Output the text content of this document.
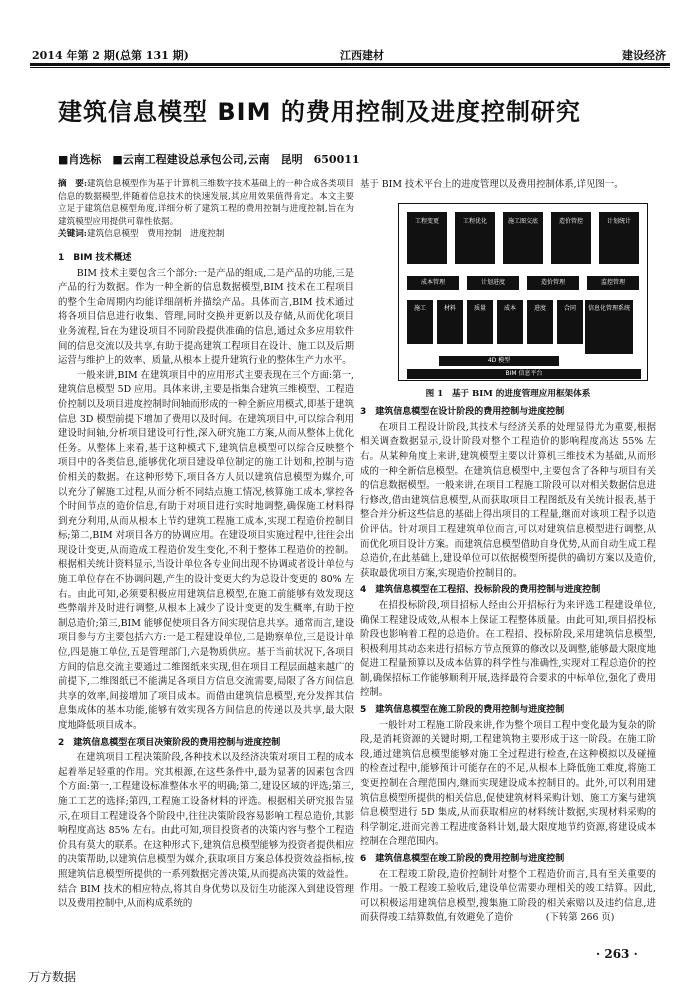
2014 年第 2 期(总第 131 期)	江西建材	建设经济
建筑信息模型 BIM 的费用控制及进度控制研究
■肖选标　■云南工程建设总承包公司,云南　昆明　650011
摘　要:建筑信息模型作为基于计算机三维数字技术基础上的一种合成各类项目信息的数据模型,伴随着信息技术的快速发展,其应用效果值得肯定。本文主要立足于建筑信息模型角度,详细分析了建筑工程的费用控制与进度控制,旨在为建筑模型应用提供可靠性依据。
关键词:建筑信息模型　费用控制　进度控制
1　BIM 技术概述

BIM 技术主要包含三个部分:一是产品的组成,二是产品的功能,三是产品的行为数据。作为一种全新的信息数据模型,BIM 技术在工程项目的整个生命周期内均能详细剖析并描绘产品。具体而言,BIM 技术通过将各项目信息进行收集、管理,同时交换并更新以及存储,从而优化项目业务流程,旨在为建设项目不同阶段提供准确的信息,通过众多应用软件间的信息交流以及共享,有助于提高建筑工程项目在设计、施工以及后期运营与维护上的效率、质量,从根本上提升建筑行业的整体生产力水平。

一般来讲,BIM 在建筑项目中的应用形式主要表现在三个方面:第一,建筑信息模型 5D 应用。具体来讲,主要是指集合建筑三维模型、工程造价控制以及项目进度控制时间轴而形成的一种全新应用模式,即基于建筑信息 3D 模型前提下增加了费用以及时间。在建筑项目中,可以综合利用建设时间轴,分析项目建设可行性,深入研究施工方案,从而从整体上优化任务。从整体上来看,基于这种模式下,建筑信息模型可以综合反映整个项目中的各类信息,能够优化项目建设单位制定的施工计划和,控制与造价相关的数据。在这种形势下,项目各方人员以建筑信息模型为媒介,可以充分了解施工过程,从而分析不同结点施工情况,核算施工成本,掌控各个时间节点的造价信息,有助于对项目进行实时地调整,确保施工材料得到充分利用,从而从根本上节约建筑工程施工成本,实现工程造价控制目标;第二,BIM 对项目各方的协调应用。在建设项目实施过程中,往往会出现设计变更,从而造成工程造价发生变化,不利于整体工程造价的控制。根据相关统计资料显示,当设计单位各专业间出现不协调或者设计单位与施工单位存在不协调问题,产生的设计变更大约为总设计变更的 80% 左右。由此可知,必须要积极应用建筑信息模型,在施工前能够有效发现这些弊端并及时进行调整,从根本上减少了设计变更的发生概率,有助于控制总造价;第三,BIM 能够促使项目各方间实现信息共享。通常而言,建设项目参与方主要包括六方:一是工程建设单位,二是勘察单位,三是设计单位,四是施工单位,五是管理部门,六是物质供应。基于当前状况下,各项目方间的信息交流主要通过二维图纸来实现,但在项目工程层面越来越广的前提下,二维图纸已不能满足各项目方信息交流需要,局限了各方间信息共享的效率,间接增加了项目成本。而借由建筑信息模型,充分发挥其信息集成体的基本功能,能够有效实现各方间信息的传递以及共享,最大限度地降低项目成本。

2　建筑信息模型在项目决策阶段的费用控制与进度控制

在建筑项目工程决策阶段,各种技术以及经济决策对项目工程的成本起着举足轻重的作用。究其根源,在这些条件中,最为显著的因素包含四个方面:第一,工程建设标准整体水平的明确;第二,建设区域的评选;第三,施工工艺的选择;第四,工程施工设备材料的评选。根据相关研究报告显示,在项目工程建设各个阶段中,往往决策阶段容易影响工程总造价,其影响程度高达 85% 左右。由此可知,项目投资者的决策内容与整个工程造价具有莫大的联系。在这种形式下,建筑信息模型能够为投资者提供相应的决策帮助,以建筑信息模型为媒介,获取项目方案总体投资效益指标,按照建筑信息模型所提供的一系列数据完善决策,从而提高决策的效益性。结合 BIM 技术的相应特点,将其自身优势以及衍生功能深入到建设管理以及费用控制中,从而构成系统的

基于 BIM 技术平台上的进度管理以及费用控制体系,详见图一。

工程变更	工程优化	施工图交底	造价管控	计划统计
成本管理	计划进度	造价管理	监控管理
施工	材料	质量	成本	进度	合同	信息化管理系统
4D 模型
BIM 信息平台
图 1　基于 BIM 的进度管理应用框架体系
3　建筑信息模型在设计阶段的费用控制与进度控制

在项目工程设计阶段,其技术与经济关系的处理显得尤为重要,根据相关调查数据显示,设计阶段对整个工程造价的影响程度高达 55% 左右。从某种角度上来讲,建筑模型主要以计算机三维技术为基础,从而形成的一种全新信息模型。在建筑信息模型中,主要包含了各种与项目有关的信息数据模型。一般来讲,在项目工程施工阶段可以对相关数据信息进行修改,借由建筑信息模型,从而获取项目工程图纸及有关统计报表,基于整合并分析这些信息的基础上得出项目的工程量,继而对该项工程予以造价评估。针对项目工程建筑单位而言,可以对建筑信息模型进行调整,从而优化项目设计方案。而建筑信息模型借助自身优势,从而自动生成工程总造价,在此基础上,建设单位可以依据模型所提供的确切方案以及造价,获取最优项目方案,实现造价控制目的。

4　建筑信息模型在工程招、投标阶段的费用控制与进度控制

在招投标阶段,项目招标人经由公开招标行为来评选工程建设单位,确保工程建设成效,从根本上保证工程整体质量。由此可知,项目招投标阶段也影响着工程的总造价。在工程招、投标阶段,采用建筑信息模型,积极利用其动态来进行招标方节点预算的修改以及调整,能够最大限度地促进工程量预算以及成本估算的科学性与准确性,实现对工程总造价的控制,确保招标工作能够顺利开展,选择最符合要求的中标单位,强化了费用控制。

5　建筑信息模型在施工阶段的费用控制与进度控制

一般针对工程施工阶段来讲,作为整个项目工程中变化最为复杂的阶段,是消耗资源的关键时期,工程建筑物主要形成于这一阶段。在施工阶段,通过建筑信息模型能够对施工全过程进行检查,在这种模拟以及碰撞的检查过程中,能够预计可能存在的不足,从根本上降低施工难度,将施工变更控制在合理范围内,继而实现建设成本控制目的。此外,可以利用建筑信息模型所提供的相关信息,促使建筑材料采购计划、施工方案与建筑信息模型进行 5D 集成,从而获取相应的材料统计数据,实现材料采购的科学制定,进而完善工程进度备料计划,最大限度地节约资源,将建设成本控制在合理范围内。

6　建筑信息模型在竣工阶段的费用控制与进度控制

在工程竣工阶段,造价控制针对整个工程造价而言,具有至关重要的作用。一般工程竣工验收后,建设单位需要办理相关的竣工结算。因此,可以积极运用建筑信息模型,搜集施工阶段的相关索赔以及违约信息,进而获得竣工结算数值,有效避免了造价	(下转第 266 页)

· 263 ·
万方数据
